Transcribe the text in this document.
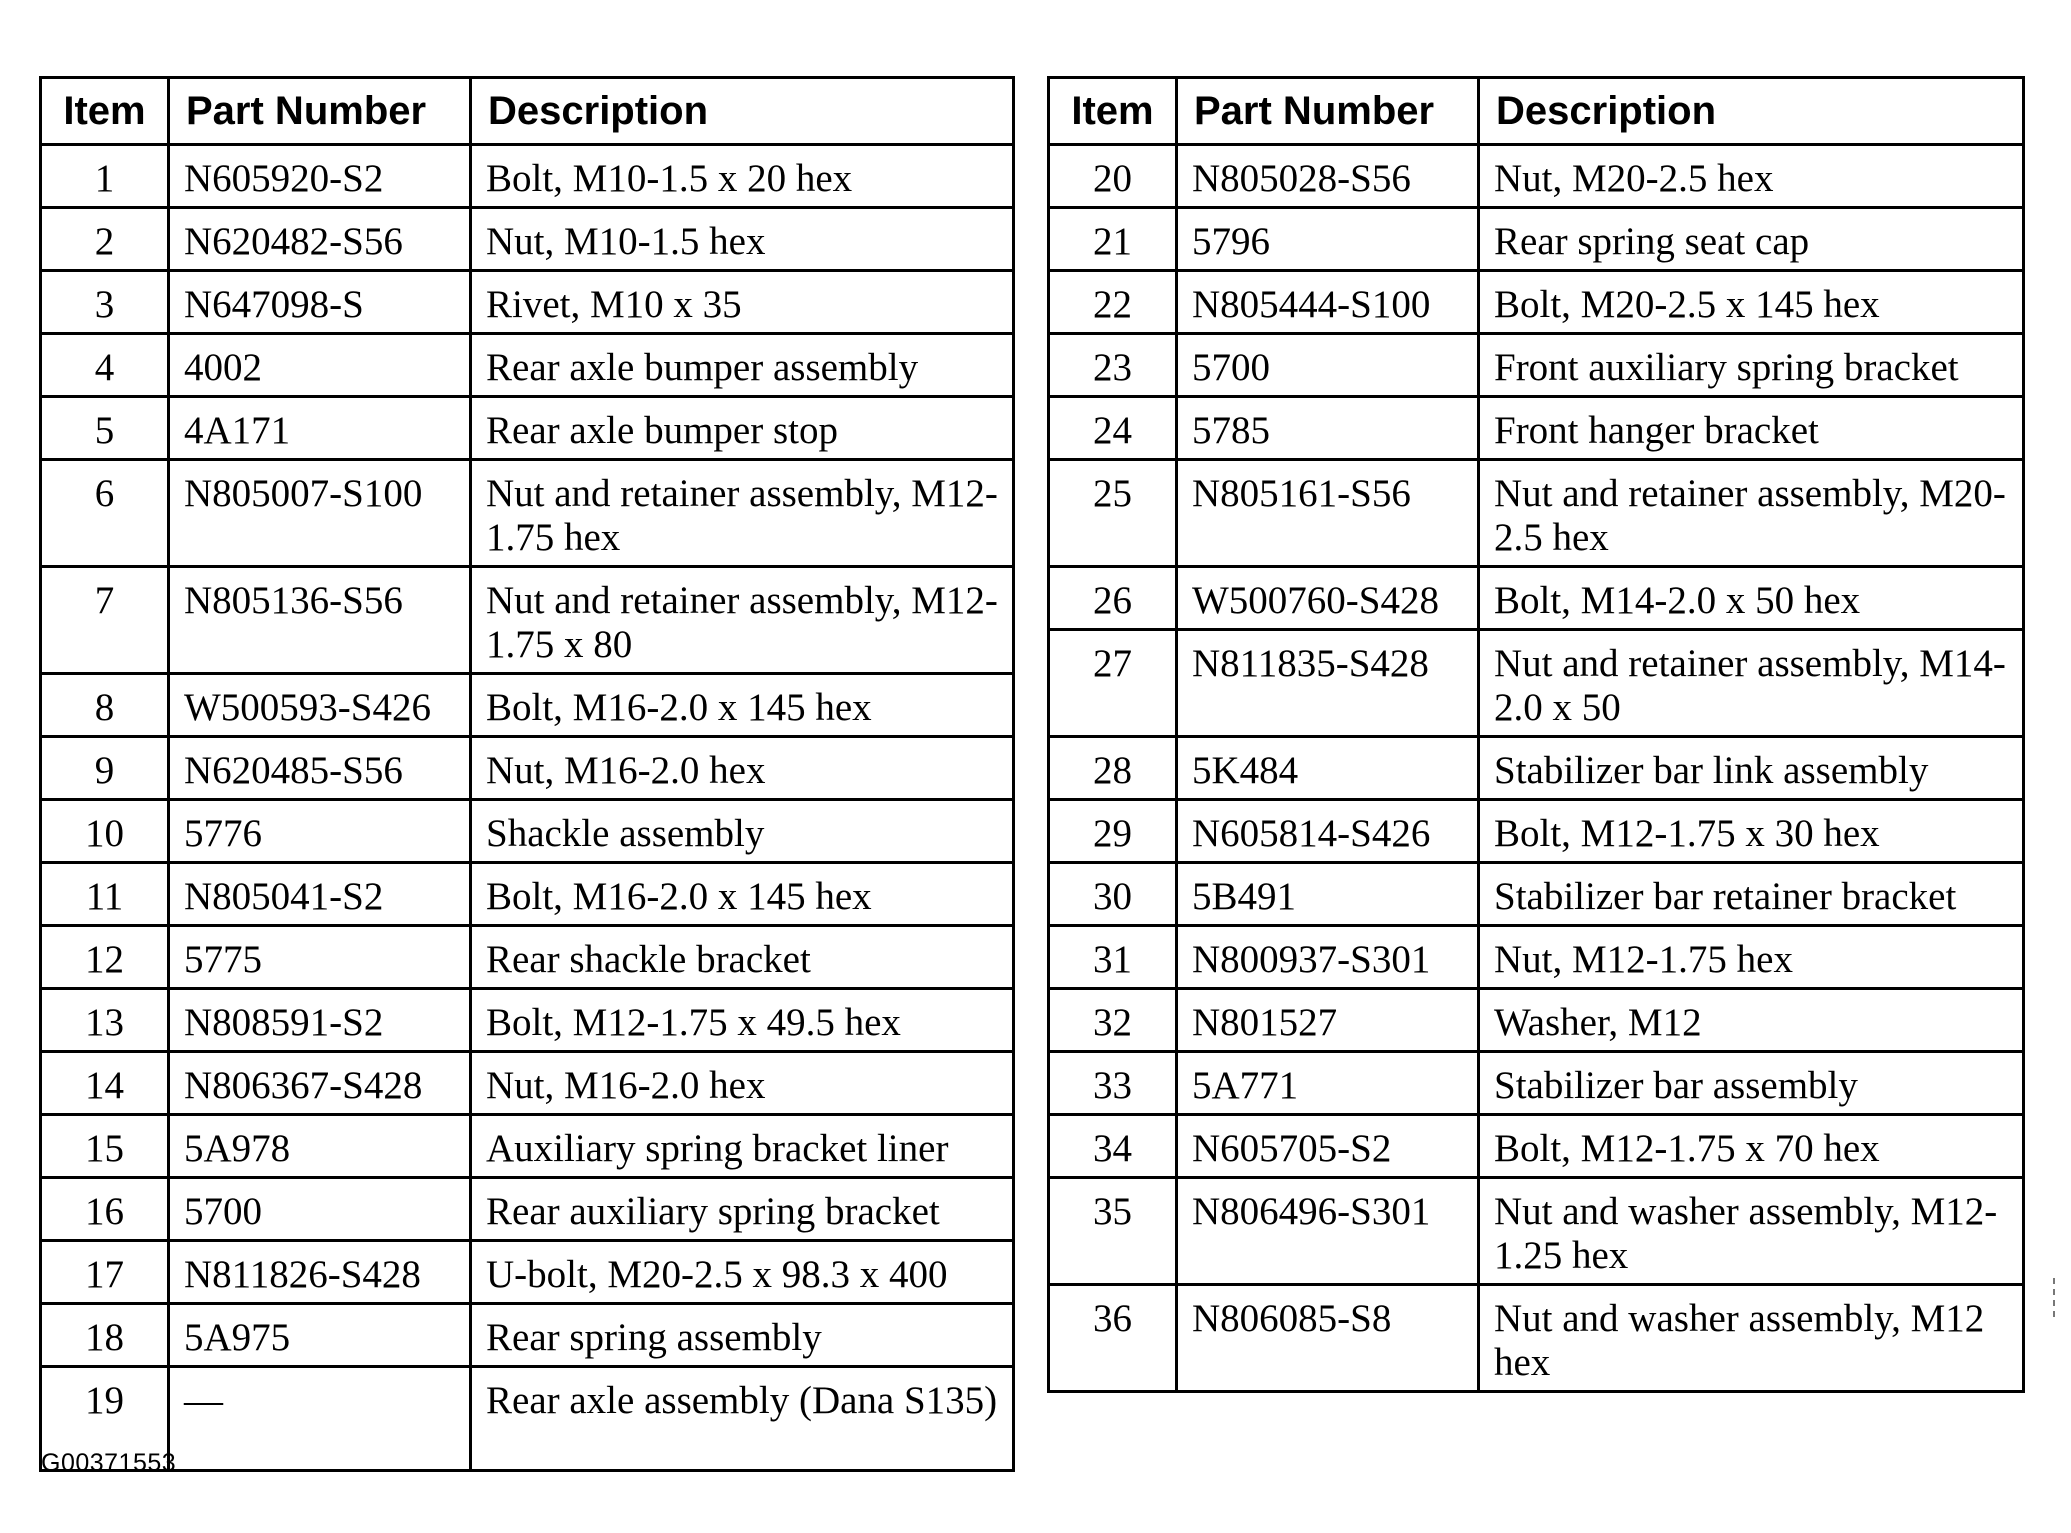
Item	Part Number	Description
1	N605920-S2	Bolt, M10-1.5 x 20 hex
2	N620482-S56	Nut, M10-1.5 hex
3	N647098-S	Rivet, M10 x 35
4	4002	Rear axle bumper assembly
5	4A171	Rear axle bumper stop
6	N805007-S100	Nut and retainer assembly, M12-1.75 hex
7	N805136-S56	Nut and retainer assembly, M12-1.75 x 80
8	W500593-S426	Bolt, M16-2.0 x 145 hex
9	N620485-S56	Nut, M16-2.0 hex
10	5776	Shackle assembly
11	N805041-S2	Bolt, M16-2.0 x 145 hex
12	5775	Rear shackle bracket
13	N808591-S2	Bolt, M12-1.75 x 49.5 hex
14	N806367-S428	Nut, M16-2.0 hex
15	5A978	Auxiliary spring bracket liner
16	5700	Rear auxiliary spring bracket
17	N811826-S428	U-bolt, M20-2.5 x 98.3 x 400
18	5A975	Rear spring assembly
19	—	Rear axle assembly (Dana S135)
Item	Part Number	Description
20	N805028-S56	Nut, M20-2.5 hex
21	5796	Rear spring seat cap
22	N805444-S100	Bolt, M20-2.5 x 145 hex
23	5700	Front auxiliary spring bracket
24	5785	Front hanger bracket
25	N805161-S56	Nut and retainer assembly, M20-2.5 hex
26	W500760-S428	Bolt, M14-2.0 x 50 hex
27	N811835-S428	Nut and retainer assembly, M14-2.0 x 50
28	5K484	Stabilizer bar link assembly
29	N605814-S426	Bolt, M12-1.75 x 30 hex
30	5B491	Stabilizer bar retainer bracket
31	N800937-S301	Nut, M12-1.75 hex
32	N801527	Washer, M12
33	5A771	Stabilizer bar assembly
34	N605705-S2	Bolt, M12-1.75 x 70 hex
35	N806496-S301	Nut and washer assembly, M12-1.25 hex
36	N806085-S8	Nut and washer assembly, M12 hex
G00371553
